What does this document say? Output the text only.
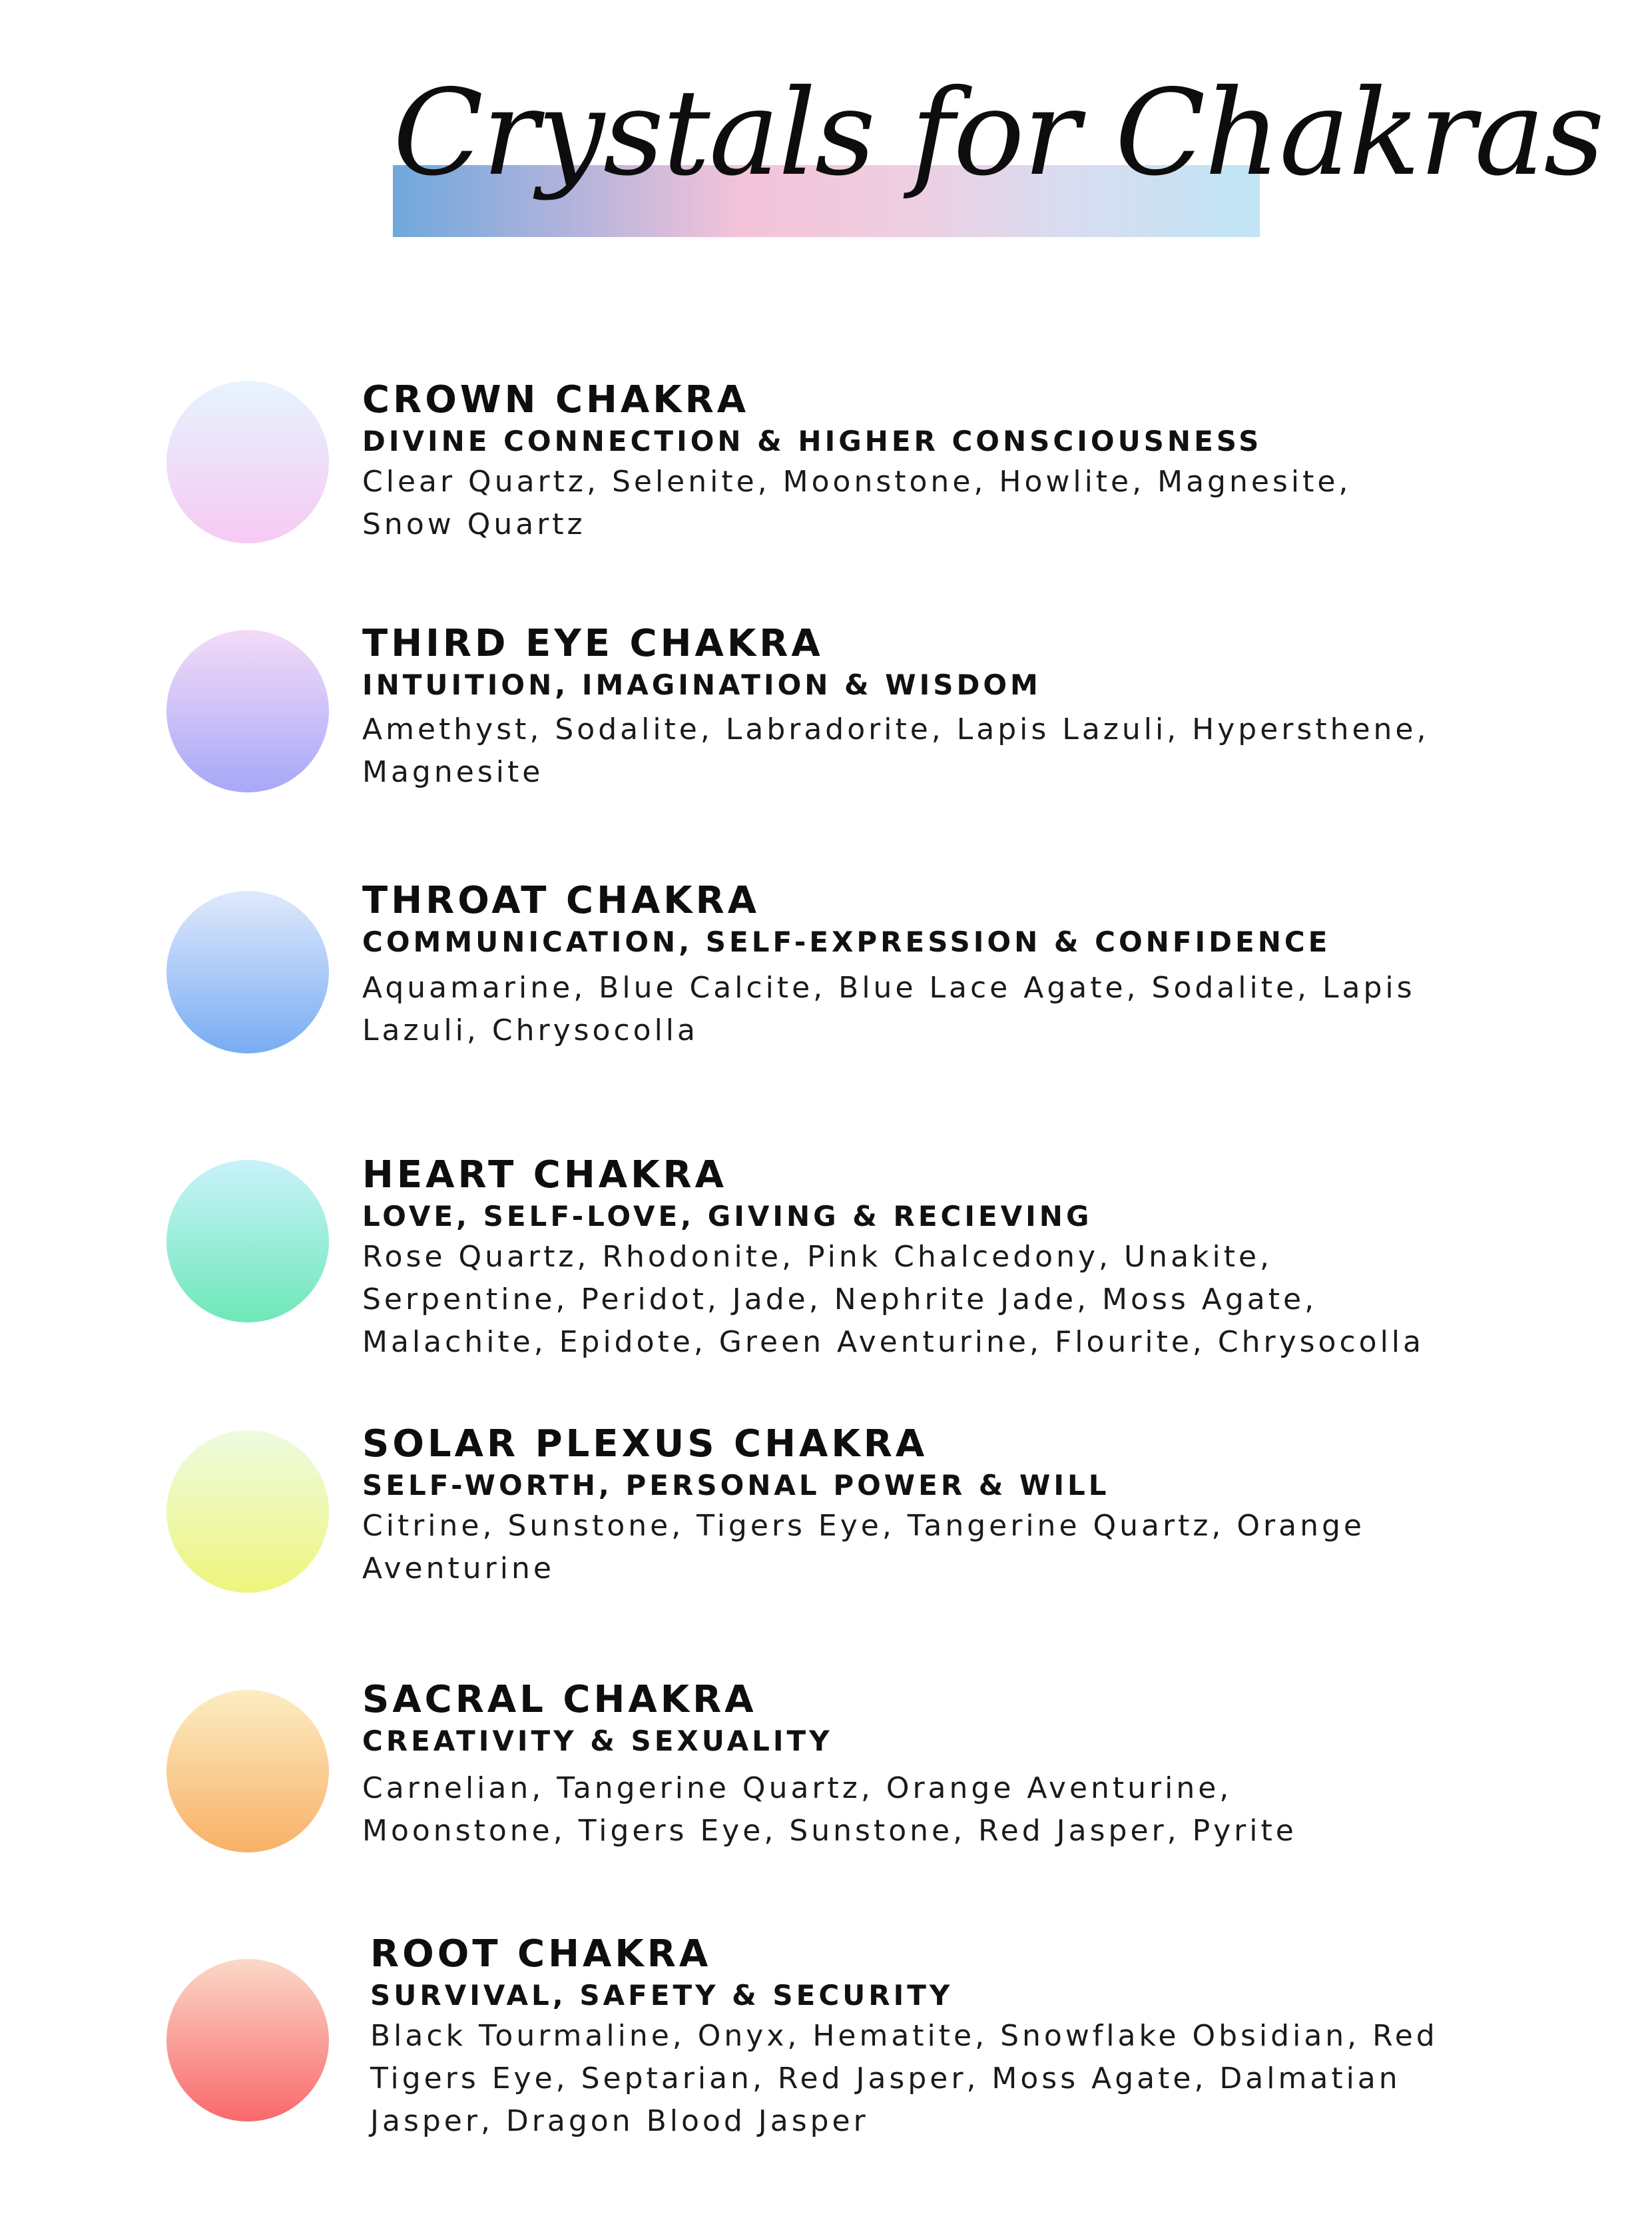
Crystals for Chakras
CROWN CHAKRA
DIVINE CONNECTION & HIGHER CONSCIOUSNESS
Clear Quartz, Selenite, Moonstone, Howlite, Magnesite,
Snow Quartz
THIRD EYE CHAKRA
INTUITION, IMAGINATION & WISDOM
Amethyst, Sodalite, Labradorite, Lapis Lazuli, Hypersthene,
Magnesite
THROAT CHAKRA
COMMUNICATION, SELF-EXPRESSION & CONFIDENCE
Aquamarine, Blue Calcite, Blue Lace Agate, Sodalite, Lapis
Lazuli, Chrysocolla
HEART CHAKRA
LOVE, SELF-LOVE, GIVING & RECIEVING
Rose Quartz, Rhodonite, Pink Chalcedony, Unakite,
Serpentine, Peridot, Jade, Nephrite Jade, Moss Agate,
Malachite, Epidote, Green Aventurine, Flourite, Chrysocolla
SOLAR PLEXUS CHAKRA
SELF-WORTH, PERSONAL POWER & WILL
Citrine, Sunstone, Tigers Eye, Tangerine Quartz, Orange
Aventurine
SACRAL CHAKRA
CREATIVITY & SEXUALITY
Carnelian, Tangerine Quartz, Orange Aventurine,
Moonstone, Tigers Eye, Sunstone, Red Jasper, Pyrite
ROOT CHAKRA
SURVIVAL, SAFETY & SECURITY
Black Tourmaline, Onyx, Hematite, Snowflake Obsidian, Red
Tigers Eye, Septarian, Red Jasper, Moss Agate, Dalmatian
Jasper, Dragon Blood Jasper
